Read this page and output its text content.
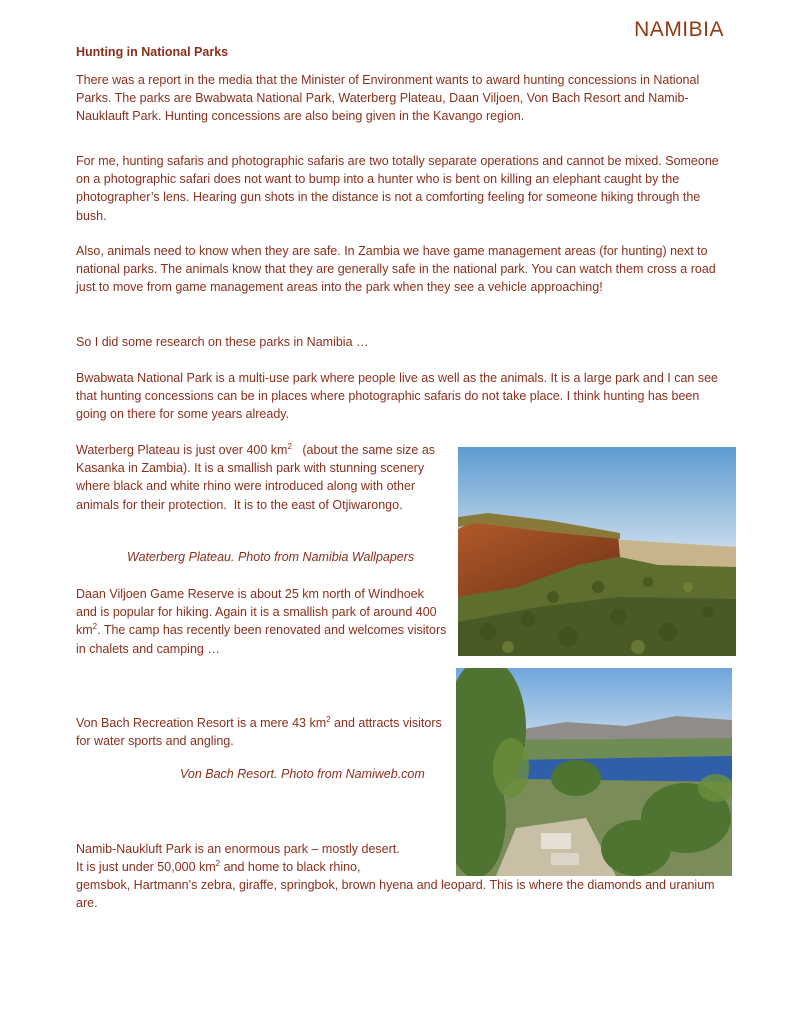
NAMIBIA
Hunting in National Parks

There was a report in the media that the Minister of Environment wants to award hunting concessions in National Parks. The parks are Bwabwata National Park, Waterberg Plateau, Daan Viljoen, Von Bach Resort and Namib-Nauklauft Park. Hunting concessions are also being given in the Kavango region.

For me, hunting safaris and photographic safaris are two totally separate operations and cannot be mixed. Someone on a photographic safari does not want to bump into a hunter who is bent on killing an elephant caught by the photographer’s lens. Hearing gun shots in the distance is not a comforting feeling for someone hiking through the bush.

Also, animals need to know when they are safe. In Zambia we have game management areas (for hunting) next to national parks. The animals know that they are generally safe in the national park. You can watch them cross a road just to move from game management areas into the park when they see a vehicle approaching!

So I did some research on these parks in Namibia …

Bwabwata National Park is a multi-use park where people live as well as the animals. It is a large park and I can see that hunting concessions can be in places where photographic safaris do not take place. I think hunting has been going on there for some years already.

Waterberg Plateau is just over 400 $km^2$   (about the same size as Kasanka in Zambia). It is a smallish park with stunning scenery where black and white rhino were introduced along with other animals for their protection.  It is to the east of Otjiwarongo.

Waterberg Plateau. Photo from Namibia Wallpapers

Daan Viljoen Game Reserve is about 25 km north of Windhoek and is popular for hiking. Again it is a smallish park of around 400 $km^2$. The camp has recently been renovated and welcomes visitors in chalets and camping …

Von Bach Recreation Resort is a mere 43 $km^2$ and attracts visitors for water sports and angling.

Von Bach Resort. Photo from Namiweb.com

Namib-Naukluft Park is an enormous park – mostly desert.
It is just under 50,000 $km^2$ and home to black rhino,

gemsbok, Hartmann’s zebra, giraffe, springbok, brown hyena and leopard. This is where the diamonds and uranium are.
